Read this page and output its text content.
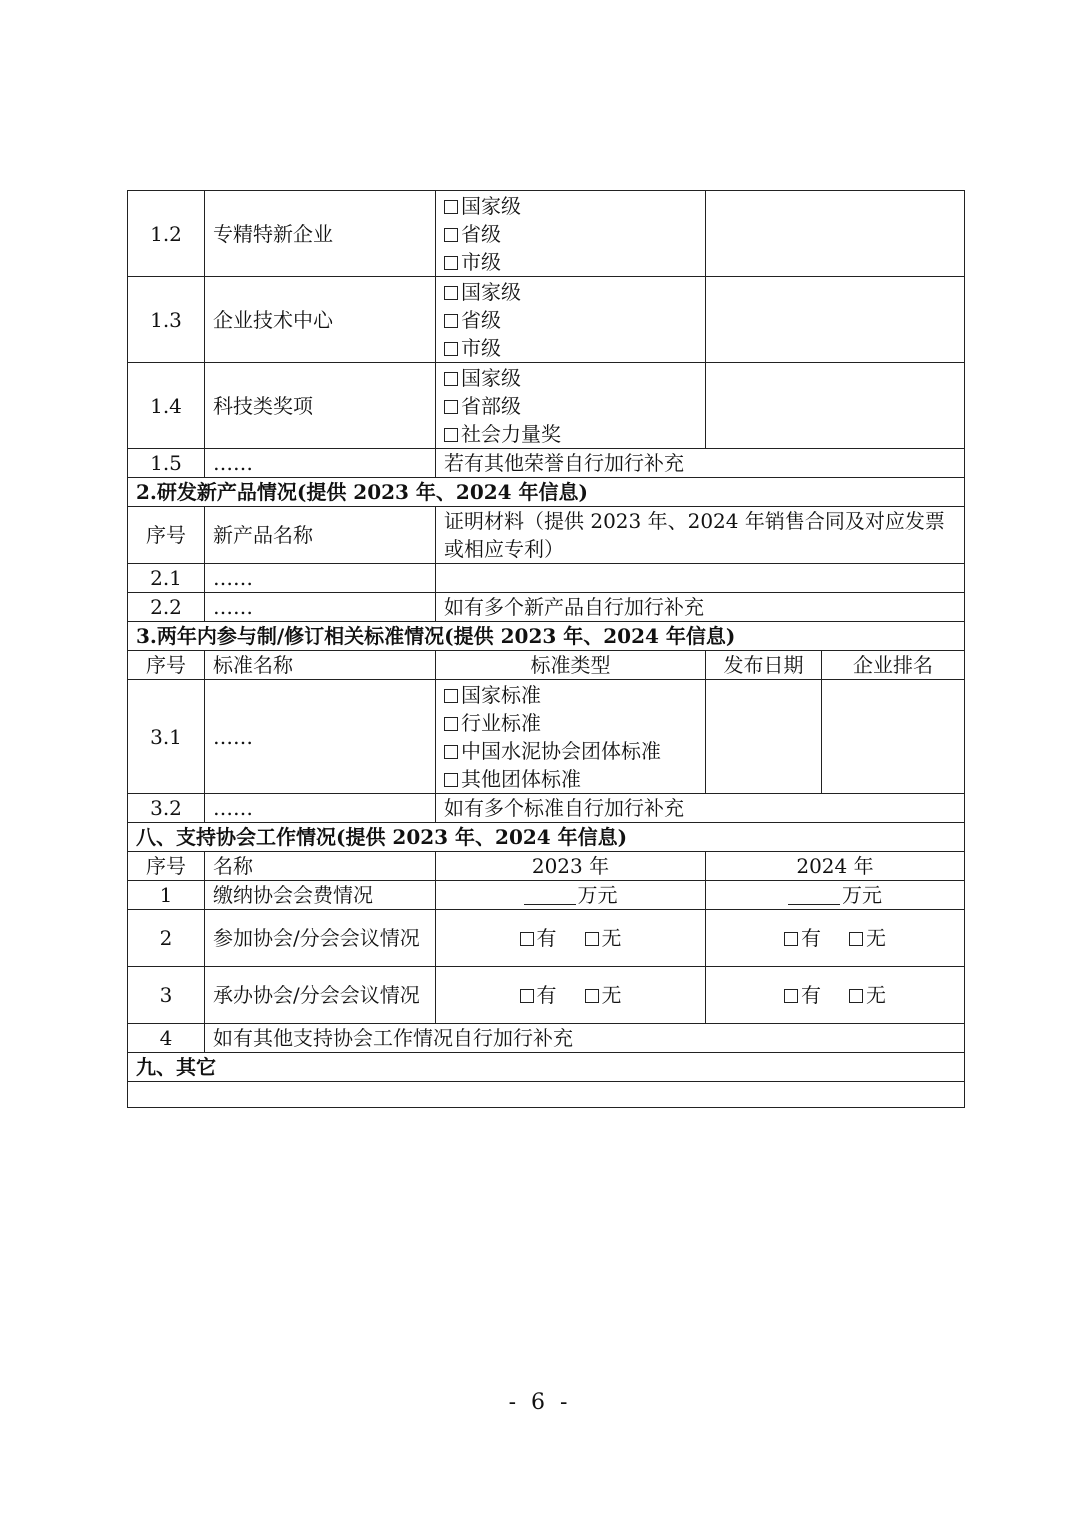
1.2	专精特新企业	国家级
省级
市级		

1.3	企业技术中心	国家级
省级
市级		

1.4	科技类奖项	国家级
省部级
社会力量奖		

1.5	……	若有其他荣誉自行加行补充		
2.研发新产品情况(提供 2023 年、2024 年信息)				
序号	新产品名称	证明材料（提供 2023 年、2024 年销售合同及对应发票或相应专利）		
2.1	……			
2.2	……	如有多个新产品自行加行补充		
3.两年内参与制/修订相关标准情况(提供 2023 年、2024 年信息)				
序号	标准名称	标准类型	发布日期	企业排名
3.1	……	国家标准
行业标准
中国水泥协会团体标准
其他团体标准		

3.2	……	如有多个标准自行加行补充		
八、支持协会工作情况(提供 2023 年、2024 年信息)				
序号	名称	2023 年	2024 年	
1	缴纳协会会费情况	万元	万元	
2	参加协会/分会会议情况	有 无	有 无	
3	承办协会/分会会议情况	有 无	有 无	
4	如有其他支持协会工作情况自行加行补充			
九、其它				

- 6 -
